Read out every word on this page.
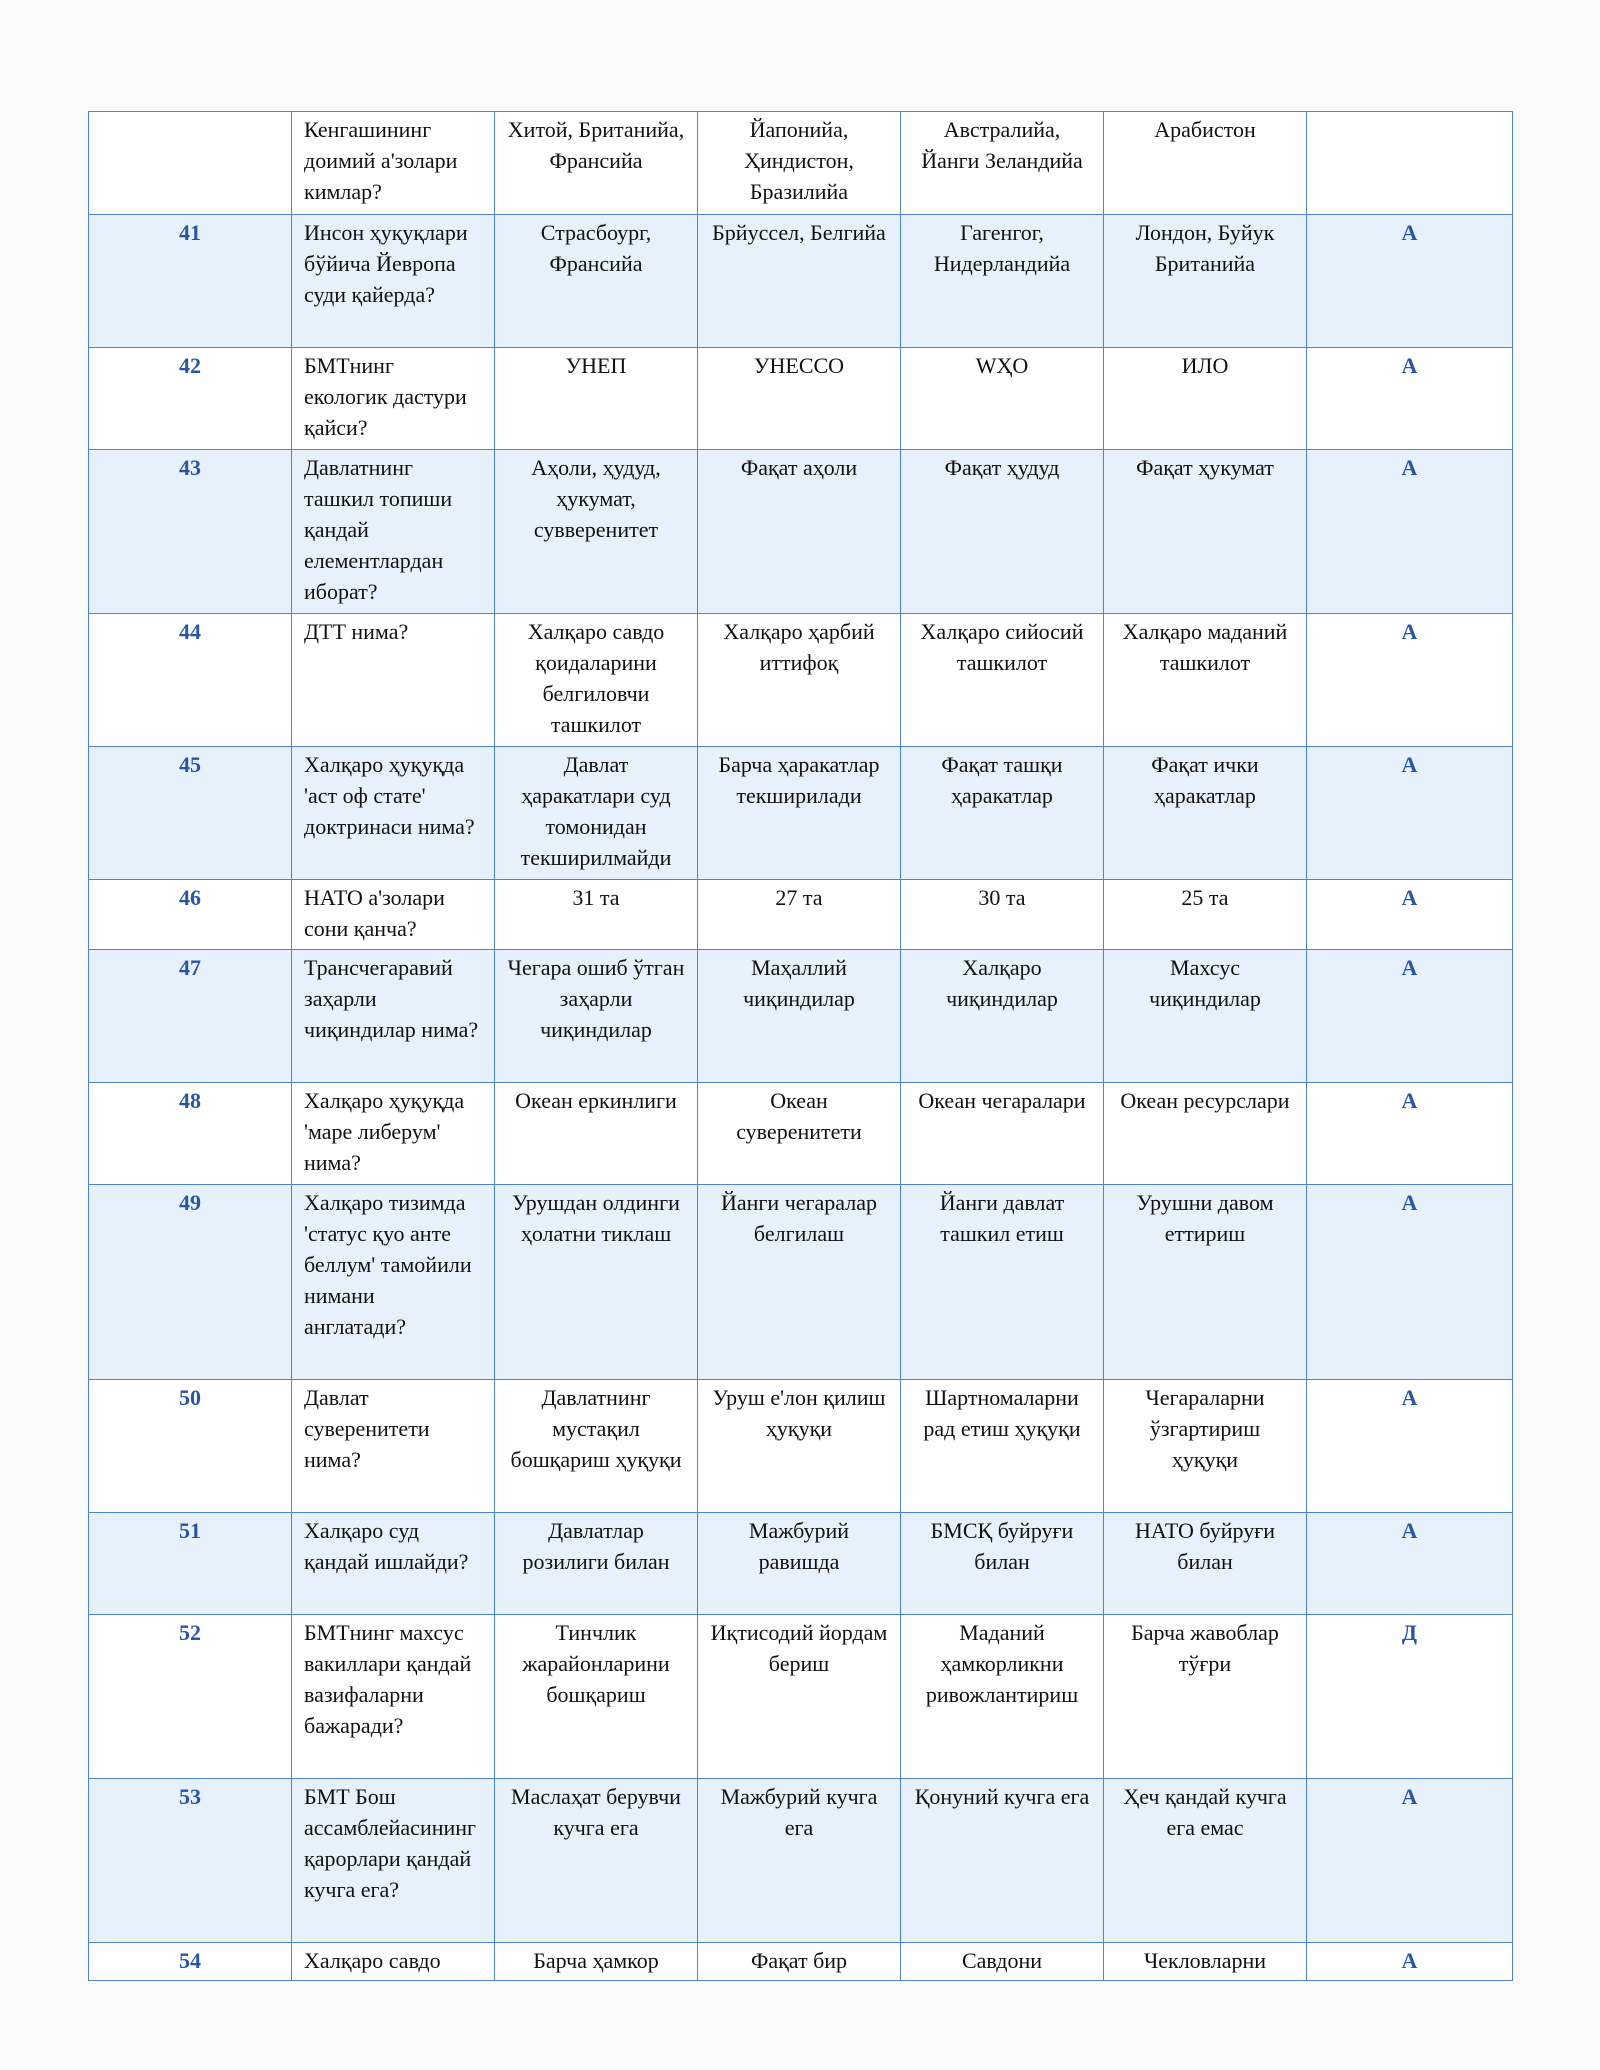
	Кенгашининг доимий а'золари кимлар?	Хитой, Британийа, Франсийа	Йапонийа, Ҳиндистон, Бразилийа	Австралийа, Йанги Зеландийа	Арабистон	
41	Инсон ҳуқуқлари бўйича Йевропа суди қайерда?	Страсбоург, Франсийа	Брйуссел, Белгийа	Гагенгог, Нидерландийа	Лондон, Буйук Британийа	А
42	БМТнинг екологик дастури қайси?	УНЕП	УНЕССО	WҲО	ИЛО	А
43	Давлатнинг ташкил топиши қандай елементлардан иборат?	Аҳоли, ҳудуд, ҳукумат, сувверенитет	Фақат аҳоли	Фақат ҳудуд	Фақат ҳукумат	А
44	ДТТ нима?	Халқаро савдо қоидаларини белгиловчи ташкилот	Халқаро ҳарбий иттифоқ	Халқаро сийосий ташкилот	Халқаро маданий ташкилот	А
45	Халқаро ҳуқуқда 'аст оф стате' доктринаси нима?	Давлат ҳаракатлари суд томонидан текширилмайди	Барча ҳаракатлар текширилади	Фақат ташқи ҳаракатлар	Фақат ички ҳаракатлар	А
46	НАТО а'золари сони қанча?	31 та	27 та	30 та	25 та	А
47	Трансчегаравий заҳарли чиқиндилар нима?	Чегара ошиб ўтган заҳарли чиқиндилар	Маҳаллий чиқиндилар	Халқаро чиқиндилар	Махсус чиқиндилар	А
48	Халқаро ҳуқуқда 'маре либерум' нима?	Океан еркинлиги	Океан суверенитети	Океан чегаралари	Океан ресурслари	А
49	Халқаро тизимда 'статус қуо анте беллум' тамойили нимани англатади?	Урушдан олдинги ҳолатни тиклаш	Йанги чегаралар белгилаш	Йанги давлат ташкил етиш	Урушни давом еттириш	А
50	Давлат суверенитети нима?	Давлатнинг мустақил бошқариш ҳуқуқи	Уруш е'лон қилиш ҳуқуқи	Шартномаларни рад етиш ҳуқуқи	Чегараларни ўзгартириш ҳуқуқи	А
51	Халқаро суд қандай ишлайди?	Давлатлар розилиги билан	Мажбурий равишда	БМСҚ буйруғи билан	НАТО буйруғи билан	А
52	БМТнинг махсус вакиллари қандай вазифаларни бажаради?	Тинчлик жарайонларини бошқариш	Иқтисодий йордам бериш	Маданий ҳамкорликни ривожлантириш	Барча жавоблар тўғри	Д
53	БМТ Бош ассамблейасининг қарорлари қандай кучга ега?	Маслаҳат берувчи кучга ега	Мажбурий кучга ега	Қонуний кучга ега	Ҳеч қандай кучга ега емас	А
54	Халқаро савдо	Барча ҳамкор	Фақат бир	Савдони	Чекловларни	А
